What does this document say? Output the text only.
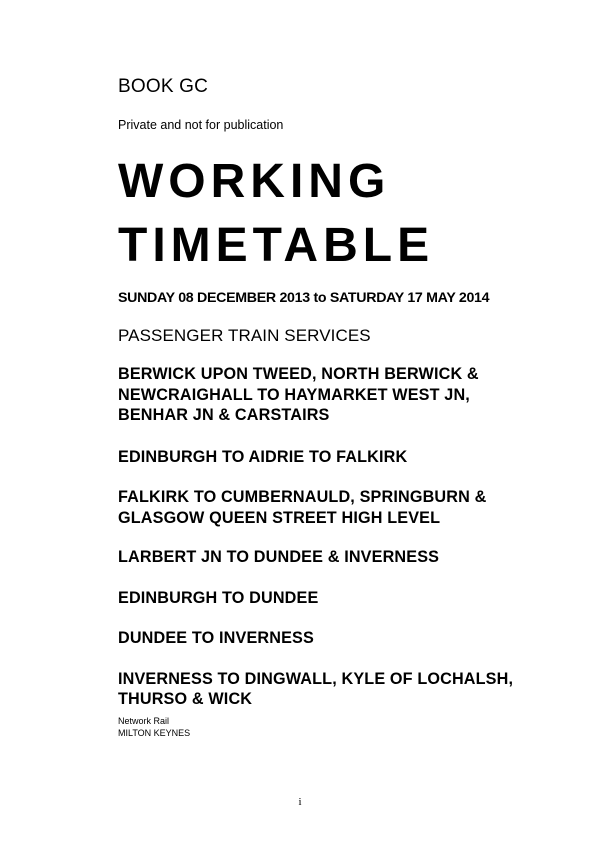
BOOK GC

Private and not for publication

WORKING
TIMETABLE

SUNDAY 08 DECEMBER 2013 to SATURDAY 17 MAY 2014

PASSENGER TRAIN SERVICES

BERWICK UPON TWEED, NORTH BERWICK &
NEWCRAIGHALL TO HAYMARKET WEST JN,
BENHAR JN & CARSTAIRS
EDINBURGH TO AIDRIE TO FALKIRK
FALKIRK TO CUMBERNAULD, SPRINGBURN &
GLASGOW QUEEN STREET HIGH LEVEL
LARBERT JN TO DUNDEE & INVERNESS
EDINBURGH TO DUNDEE
DUNDEE TO INVERNESS
INVERNESS TO DINGWALL, KYLE OF LOCHALSH,
THURSO & WICK
Network Rail
MILTON KEYNES

i
